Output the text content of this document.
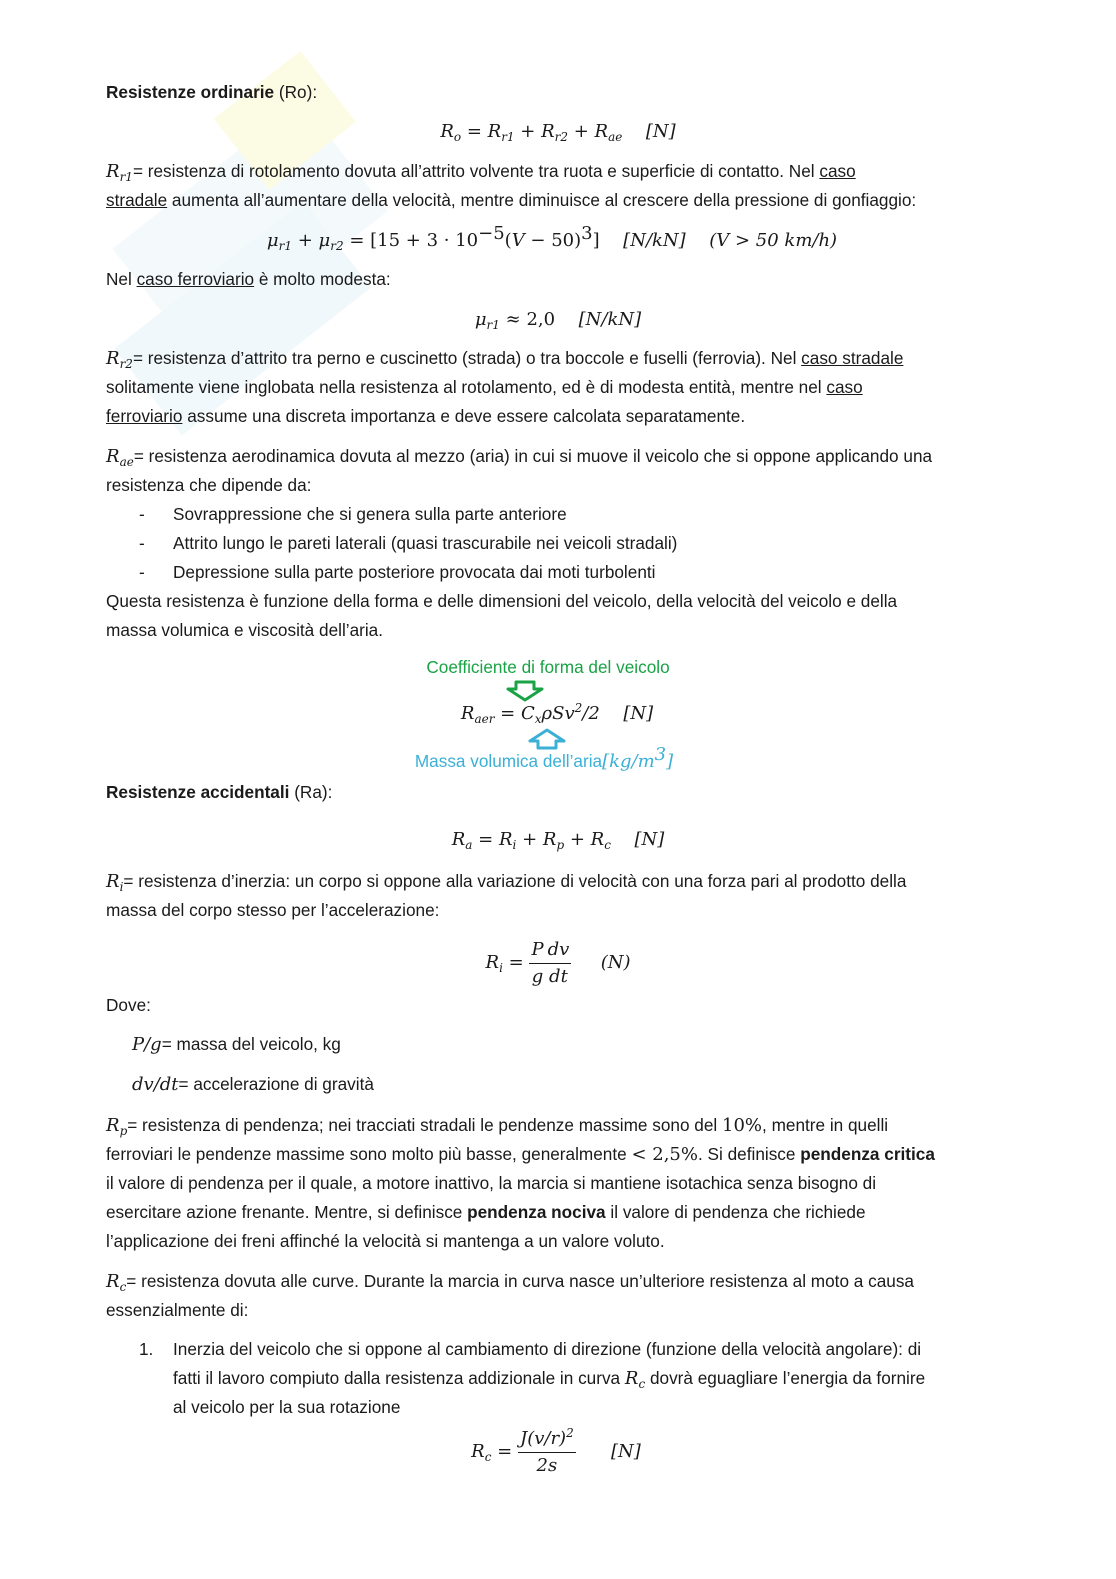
Resistenze ordinarie (Ro):

$R_o = R_{r1} + R_{r2} + R_{ae}$ [N]

$R_{r1}=$ resistenza di rotolamento dovuta all’attrito volvente tra ruota e superficie di contatto. Nel caso

stradale aumenta all’aumentare della velocità, mentre diminuisce al crescere della pressione di gonfiaggio:

$\mu_{r1} + \mu_{r2} = [15 + 3 \cdot 10^{-5}(V - 50)^3]$ [N/kN] (V > 50 km/h)

Nel caso ferroviario è molto modesta:

$\mu_{r1} \approx 2,0$ [N/kN]

$R_{r2}=$ resistenza d’attrito tra perno e cuscinetto (strada) o tra boccole e fuselli (ferrovia). Nel caso stradale

solitamente viene inglobata nella resistenza al rotolamento, ed è di modesta entità, mentre nel caso

ferroviario assume una discreta importanza e deve essere calcolata separatamente.

$R_{ae}=$ resistenza aerodinamica dovuta al mezzo (aria) in cui si muove il veicolo che si oppone applicando una

resistenza che dipende da:

- Sovrappressione che si genera sulla parte anteriore
- Attrito lungo le pareti laterali (quasi trascurabile nei veicoli stradali)
- Depressione sulla parte posteriore provocata dai moti turbolenti

Questa resistenza è funzione della forma e delle dimensioni del veicolo, della velocità del veicolo e della

massa volumica e viscosità dell’aria.

Coefficiente di forma del veicolo

$R_{aer} = C_x\rho Sv^2/2$ [N]

Massa volumica $dell’aria[kg/m^3]$

Resistenze accidentali (Ra):

$R_a = R_i + R_p + R_c$ [N]

$R_i=$ resistenza d’inerzia: un corpo si oppone alla variazione di velocità con una forza pari al prodotto della

massa del corpo stesso per l’accelerazione:

$R_i = \frac{P}{g} \frac{dv}{dt} (N)$

Dove:

P/g= massa del veicolo, kg

dv/dt= accelerazione di gravità

$R_p=$ resistenza di pendenza; nei tracciati stradali le pendenze massime sono del 10%, mentre in quelli

ferroviari le pendenze massime sono molto più basse, generalmente < 2,5%. Si definisce pendenza critica

il valore di pendenza per il quale, a motore inattivo, la marcia si mantiene isotachica senza bisogno di

esercitare azione frenante. Mentre, si definisce pendenza nociva il valore di pendenza che richiede

l’applicazione dei freni affinché la velocità si mantenga a un valore voluto.

$R_c=$ resistenza dovuta alle curve. Durante la marcia in curva nasce un’ulteriore resistenza al moto a causa

essenzialmente di:

1. Inerzia del veicolo che si oppone al cambiamento di direzione (funzione della velocità angolare): di
fatti il lavoro compiuto dalla resistenza addizionale in curva $R_c$ dovrà eguagliare l’energia da fornire
al veicolo per la sua rotazione
$R_c = \frac{J(v/r)^2}{2s} [N]$
